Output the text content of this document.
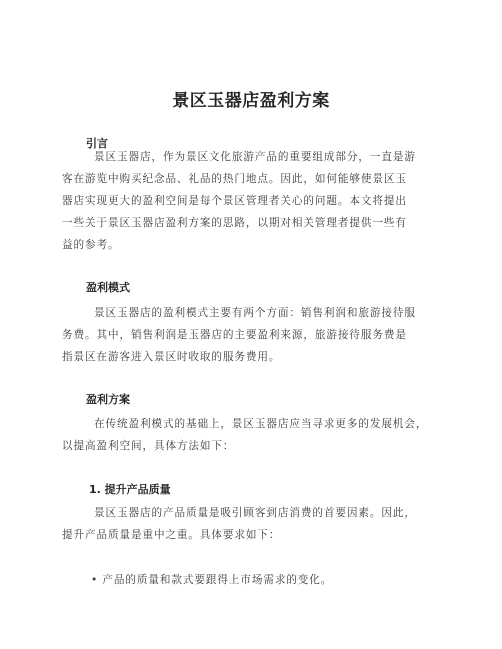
景区玉器店盈利方案
引言
景区玉器店，作为景区文化旅游产品的重要组成部分，一直是游
客在游览中购买纪念品、礼品的热门地点。因此，如何能够使景区玉
器店实现更大的盈利空间是每个景区管理者关心的问题。本文将提出
一些关于景区玉器店盈利方案的思路，以期对相关管理者提供一些有
益的参考。
盈利模式
景区玉器店的盈利模式主要有两个方面：销售利润和旅游接待服
务费。其中，销售利润是玉器店的主要盈利来源，旅游接待服务费是
指景区在游客进入景区时收取的服务费用。
盈利方案
在传统盈利模式的基础上，景区玉器店应当寻求更多的发展机会，
以提高盈利空间，具体方法如下：
1. 提升产品质量
景区玉器店的产品质量是吸引顾客到店消费的首要因素。因此，
提升产品质量是重中之重。具体要求如下：
• 产品的质量和款式要跟得上市场需求的变化。
